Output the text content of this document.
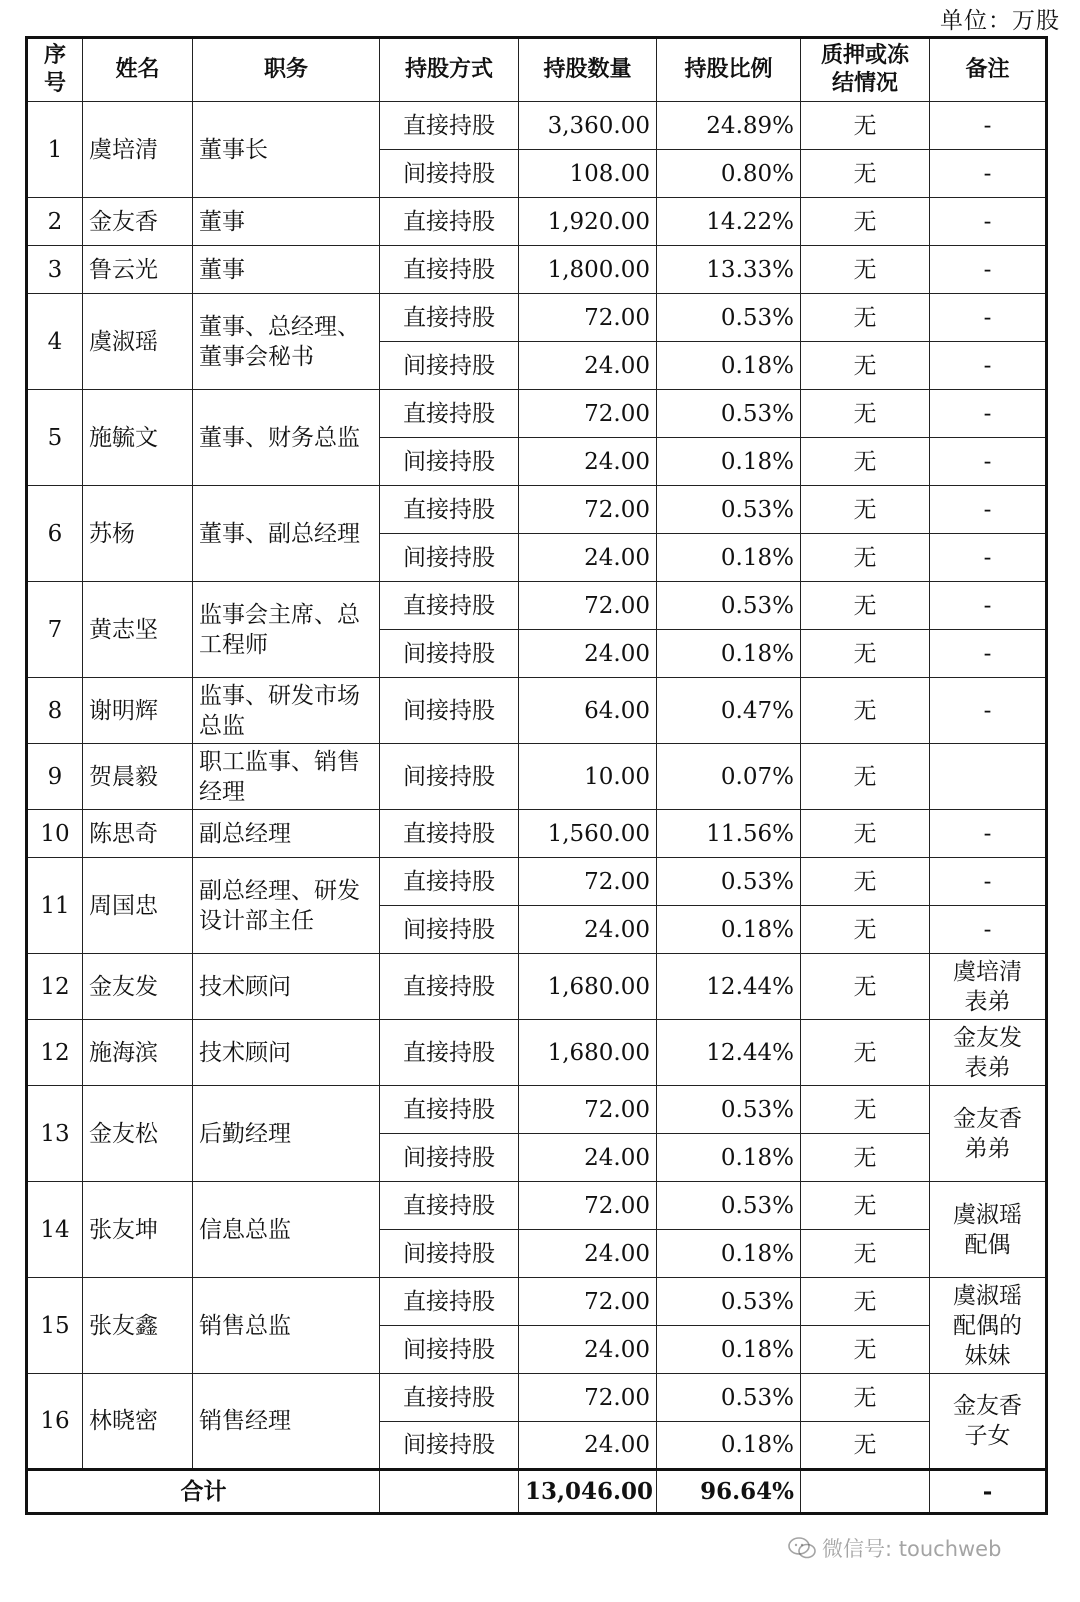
单位：万股
序号	姓名	职务	持股方式	持股数量	持股比例	质押或冻结情况	备注
1	虞培清	董事长	直接持股	3,360.00	24.89%	无	-
			间接持股	108.00	0.80%	无	-
2	金友香	董事	直接持股	1,920.00	14.22%	无	-
3	鲁云光	董事	直接持股	1,800.00	13.33%	无	-
4	虞淑瑶	董事、总经理、董事会秘书	直接持股	72.00	0.53%	无	-
			间接持股	24.00	0.18%	无	-
5	施毓文	董事、财务总监	直接持股	72.00	0.53%	无	-
			间接持股	24.00	0.18%	无	-
6	苏杨	董事、副总经理	直接持股	72.00	0.53%	无	-
			间接持股	24.00	0.18%	无	-
7	黄志坚	监事会主席、总工程师	直接持股	72.00	0.53%	无	-
			间接持股	24.00	0.18%	无	-
8	谢明辉	监事、研发市场总监	间接持股	64.00	0.47%	无	-
9	贺晨毅	职工监事、销售经理	间接持股	10.00	0.07%	无	
10	陈思奇	副总经理	直接持股	1,560.00	11.56%	无	-
11	周国忠	副总经理、研发设计部主任	直接持股	72.00	0.53%	无	-
			间接持股	24.00	0.18%	无	-
12	金友发	技术顾问	直接持股	1,680.00	12.44%	无	虞培清表弟
12	施海滨	技术顾问	直接持股	1,680.00	12.44%	无	金友发表弟
13	金友松	后勤经理	直接持股	72.00	0.53%	无	金友香弟弟
			间接持股	24.00	0.18%	无	
14	张友坤	信息总监	直接持股	72.00	0.53%	无	虞淑瑶配偶
			间接持股	24.00	0.18%	无	
15	张友鑫	销售总监	直接持股	72.00	0.53%	无	虞淑瑶配偶的妹妹
			间接持股	24.00	0.18%	无	
16	林晓密	销售经理	直接持股	72.00	0.53%	无	金友香子女
			间接持股	24.00	0.18%	无	
合计				13,046.00	96.64%		-
微信号: touchweb
